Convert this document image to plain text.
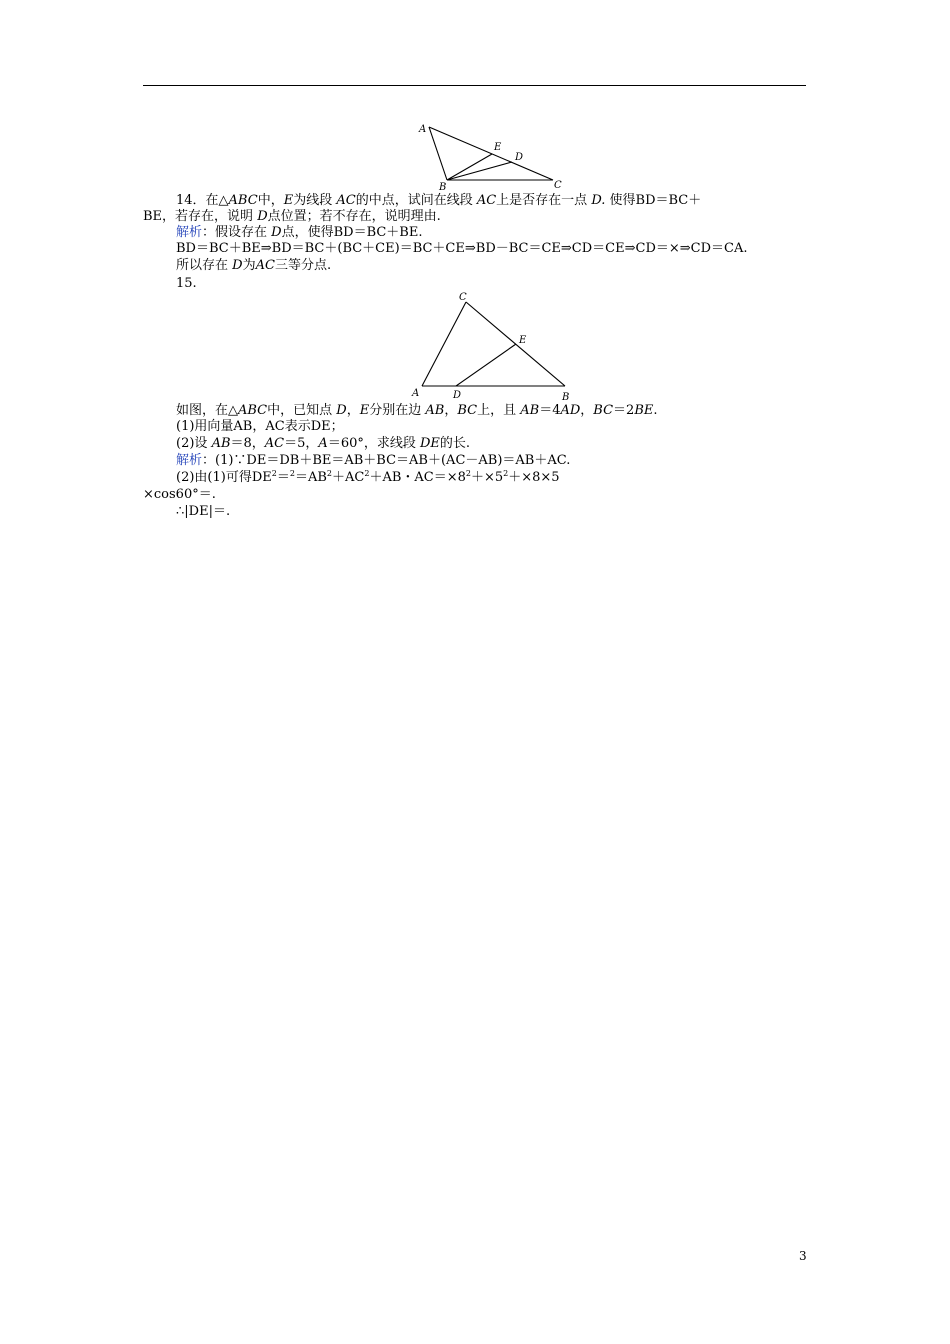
A
E
D
B	C
14．在△ABC中，E为线段 AC的中点，试问在线段 AC上是否存在一点 D. 使得BD＝BC＋
BE，若存在，说明 D点位置；若不存在，说明理由.
解析：假设存在 D点，使得BD＝BC＋BE.
BD＝BC＋BE⇒BD＝BC＋(BC＋CE)＝BC＋CE⇒BD－BC＝CE⇒CD＝CE⇒CD＝×⇒CD＝CA.
所以存在 D为AC三等分点.
15.
C
E
A	D	B
如图，在△ABC中，已知点 D，E分别在边 AB，BC上，且 AB＝4AD，BC＝2BE.
(1)用向量AB，AC表示DE；
(2)设 AB＝8，AC＝5，A＝60°，求线段 DE的长.
解析：(1)∵DE＝DB＋BE＝AB＋BC＝AB＋(AC－AB)＝AB＋AC.
(2)由(1)可得$DE^2=^2=AB^2+AC^2+AB$・$AC=\times 8^2+\times 5^2+\times 8\times 5$
×cos60°＝.
∴|DE|＝.
3
